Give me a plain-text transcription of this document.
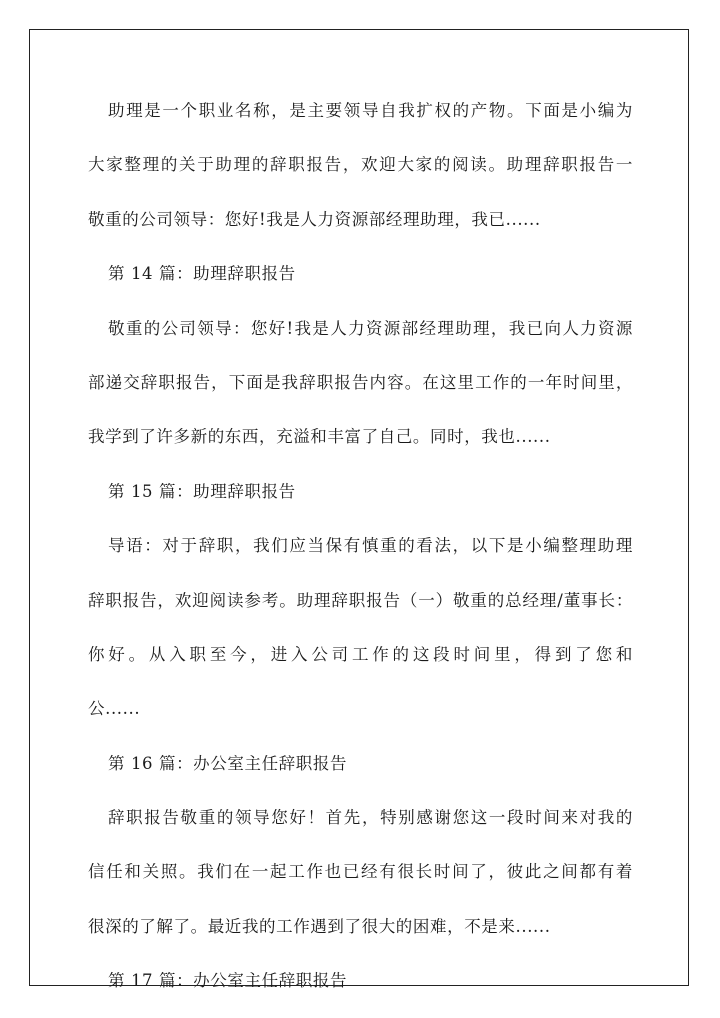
助理是一个职业名称，是主要领导自我扩权的产物。下面是小编为
大家整理的关于助理的辞职报告，欢迎大家的阅读。助理辞职报告一
敬重的公司领导：您好!我是人力资源部经理助理，我已......
第 14 篇：助理辞职报告
敬重的公司领导：您好!我是人力资源部经理助理，我已向人力资源
部递交辞职报告，下面是我辞职报告内容。在这里工作的一年时间里，
我学到了许多新的东西，充溢和丰富了自己。同时，我也......
第 15 篇：助理辞职报告
导语：对于辞职，我们应当保有慎重的看法，以下是小编整理助理
辞职报告，欢迎阅读参考。助理辞职报告（一）敬重的总经理/董事长：
你好。从入职至今，进入公司工作的这段时间里，得到了您和
公......
第 16 篇：办公室主任辞职报告
辞职报告敬重的领导您好！首先，特别感谢您这一段时间来对我的
信任和关照。我们在一起工作也已经有很长时间了，彼此之间都有着
很深的了解了。最近我的工作遇到了很大的困难，不是来......
第 17 篇：办公室主任辞职报告
